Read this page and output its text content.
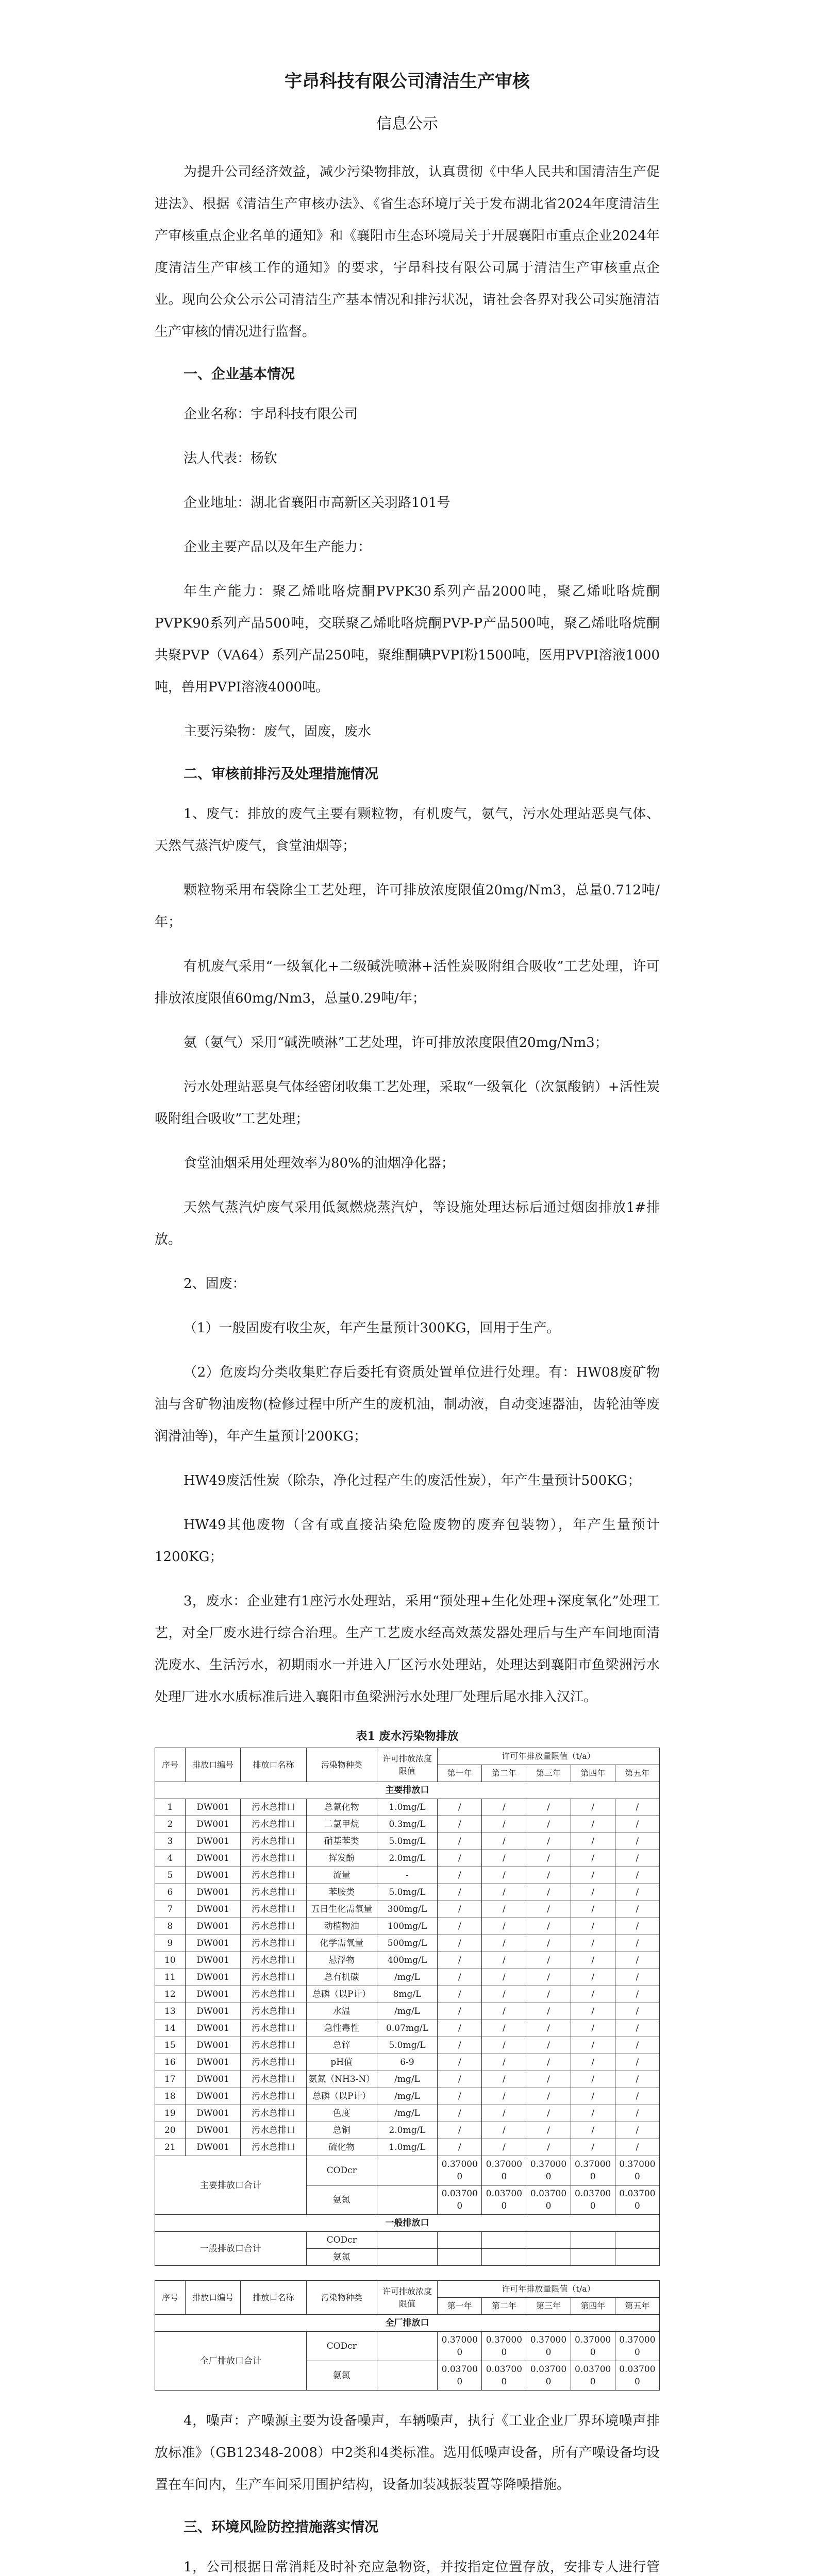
宇昂科技有限公司清洁生产审核
信息公示

为提升公司经济效益，减少污染物排放，认真贯彻《中华人民共和国清洁生产促进法》、根据《清洁生产审核办法》、《省生态环境厅关于发布湖北省2024年度清洁生产审核重点企业名单的通知》和《襄阳市生态环境局关于开展襄阳市重点企业2024年度清洁生产审核工作的通知》的要求，宇昂科技有限公司属于清洁生产审核重点企业。现向公众公示公司清洁生产基本情况和排污状况，请社会各界对我公司实施清洁生产审核的情况进行监督。

一、企业基本情况

企业名称：宇昂科技有限公司

法人代表：杨钦

企业地址：湖北省襄阳市高新区关羽路101号

企业主要产品以及年生产能力：

年生产能力：聚乙烯吡咯烷酮PVPK30系列产品2000吨，聚乙烯吡咯烷酮PVPK90系列产品500吨，交联聚乙烯吡咯烷酮PVP-P产品500吨，聚乙烯吡咯烷酮共聚PVP（VA64）系列产品250吨，聚维酮碘PVPI粉1500吨，医用PVPI溶液1000吨，兽用PVPI溶液4000吨。

主要污染物：废气，固废，废水

二、审核前排污及处理措施情况

1、废气：排放的废气主要有颗粒物，有机废气，氨气，污水处理站恶臭气体、天然气蒸汽炉废气，食堂油烟等；

颗粒物采用布袋除尘工艺处理，许可排放浓度限值20mg/Nm3，总量0.712吨/年；

有机废气采用“一级氧化+二级碱洗喷淋+活性炭吸附组合吸收”工艺处理，许可排放浓度限值60mg/Nm3，总量0.29吨/年；

氨（氨气）采用“碱洗喷淋”工艺处理，许可排放浓度限值20mg/Nm3；

污水处理站恶臭气体经密闭收集工艺处理，采取“一级氧化（次氯酸钠）+活性炭吸附组合吸收”工艺处理；

食堂油烟采用处理效率为80%的油烟净化器；

天然气蒸汽炉废气采用低氮燃烧蒸汽炉，等设施处理达标后通过烟囱排放1#排放。

2、固废：

（1）一般固废有收尘灰，年产生量预计300KG，回用于生产。

（2）危废均分类收集贮存后委托有资质处置单位进行处理。有：HW08废矿物油与含矿物油废物(检修过程中所产生的废机油，制动液，自动变速器油，齿轮油等废润滑油等)，年产生量预计200KG；

HW49废活性炭（除杂，净化过程产生的废活性炭），年产生量预计500KG；

HW49其他废物（含有或直接沾染危险废物的废弃包装物），年产生量预计1200KG；

3，废水：企业建有1座污水处理站，采用“预处理+生化处理+深度氧化”处理工艺，对全厂废水进行综合治理。生产工艺废水经高效蒸发器处理后与生产车间地面清洗废水、生活污水，初期雨水一并进入厂区污水处理站，处理达到襄阳市鱼梁洲污水处理厂进水水质标准后进入襄阳市鱼梁洲污水处理厂处理后尾水排入汉江。

表1 废水污染物排放
序号	排放口编号	排放口名称	污染物种类	许可排放浓度限值	许可年排放量限值（t/a）				
					第一年	第二年	第三年	第四年	第五年
主要排放口									
1	DW001	污水总排口	总氰化物	1.0mg/L	/	/	/	/	/
2	DW001	污水总排口	二氯甲烷	0.3mg/L	/	/	/	/	/
3	DW001	污水总排口	硝基苯类	5.0mg/L	/	/	/	/	/
4	DW001	污水总排口	挥发酚	2.0mg/L	/	/	/	/	/
5	DW001	污水总排口	流量	-	/	/	/	/	/
6	DW001	污水总排口	苯胺类	5.0mg/L	/	/	/	/	/
7	DW001	污水总排口	五日生化需氧量	300mg/L	/	/	/	/	/
8	DW001	污水总排口	动植物油	100mg/L	/	/	/	/	/
9	DW001	污水总排口	化学需氧量	500mg/L	/	/	/	/	/
10	DW001	污水总排口	悬浮物	400mg/L	/	/	/	/	/
11	DW001	污水总排口	总有机碳	/mg/L	/	/	/	/	/
12	DW001	污水总排口	总磷（以P计）	8mg/L	/	/	/	/	/
13	DW001	污水总排口	水温	/mg/L	/	/	/	/	/
14	DW001	污水总排口	急性毒性	0.07mg/L	/	/	/	/	/
15	DW001	污水总排口	总锌	5.0mg/L	/	/	/	/	/
16	DW001	污水总排口	pH值	6-9	/	/	/	/	/
17	DW001	污水总排口	氨氮（NH3-N）	/mg/L	/	/	/	/	/
18	DW001	污水总排口	总磷（以P计）	/mg/L	/	/	/	/	/
19	DW001	污水总排口	色度	/mg/L	/	/	/	/	/
20	DW001	污水总排口	总铜	2.0mg/L	/	/	/	/	/
21	DW001	污水总排口	硫化物	1.0mg/L	/	/	/	/	/
主要排放口合计			CODcr		0.370000	0.370000	0.370000	0.370000	0.370000
			氨氮		0.037000	0.037000	0.037000	0.037000	0.037000
一般排放口									
一般排放口合计			CODcr						
			氨氮						
序号	排放口编号	排放口名称	污染物种类	许可排放浓度限值	许可年排放量限值（t/a）				
					第一年	第二年	第三年	第四年	第五年
全厂排放口									
全厂排放口合计			CODcr		0.370000	0.370000	0.370000	0.370000	0.370000
			氨氮		0.037000	0.037000	0.037000	0.037000	0.037000

4，噪声：产噪源主要为设备噪声，车辆噪声，执行《工业企业厂界环境噪声排放标准》（GB12348-2008）中2类和4类标准。选用低噪声设备，所有产噪设备均设置在车间内，生产车间采用围护结构，设备加装减振装置等降噪措施。

三、环境风险防控措施落实情况

1，公司根据日常消耗及时补充应急物资，并按指定位置存放，安排专人进行管
